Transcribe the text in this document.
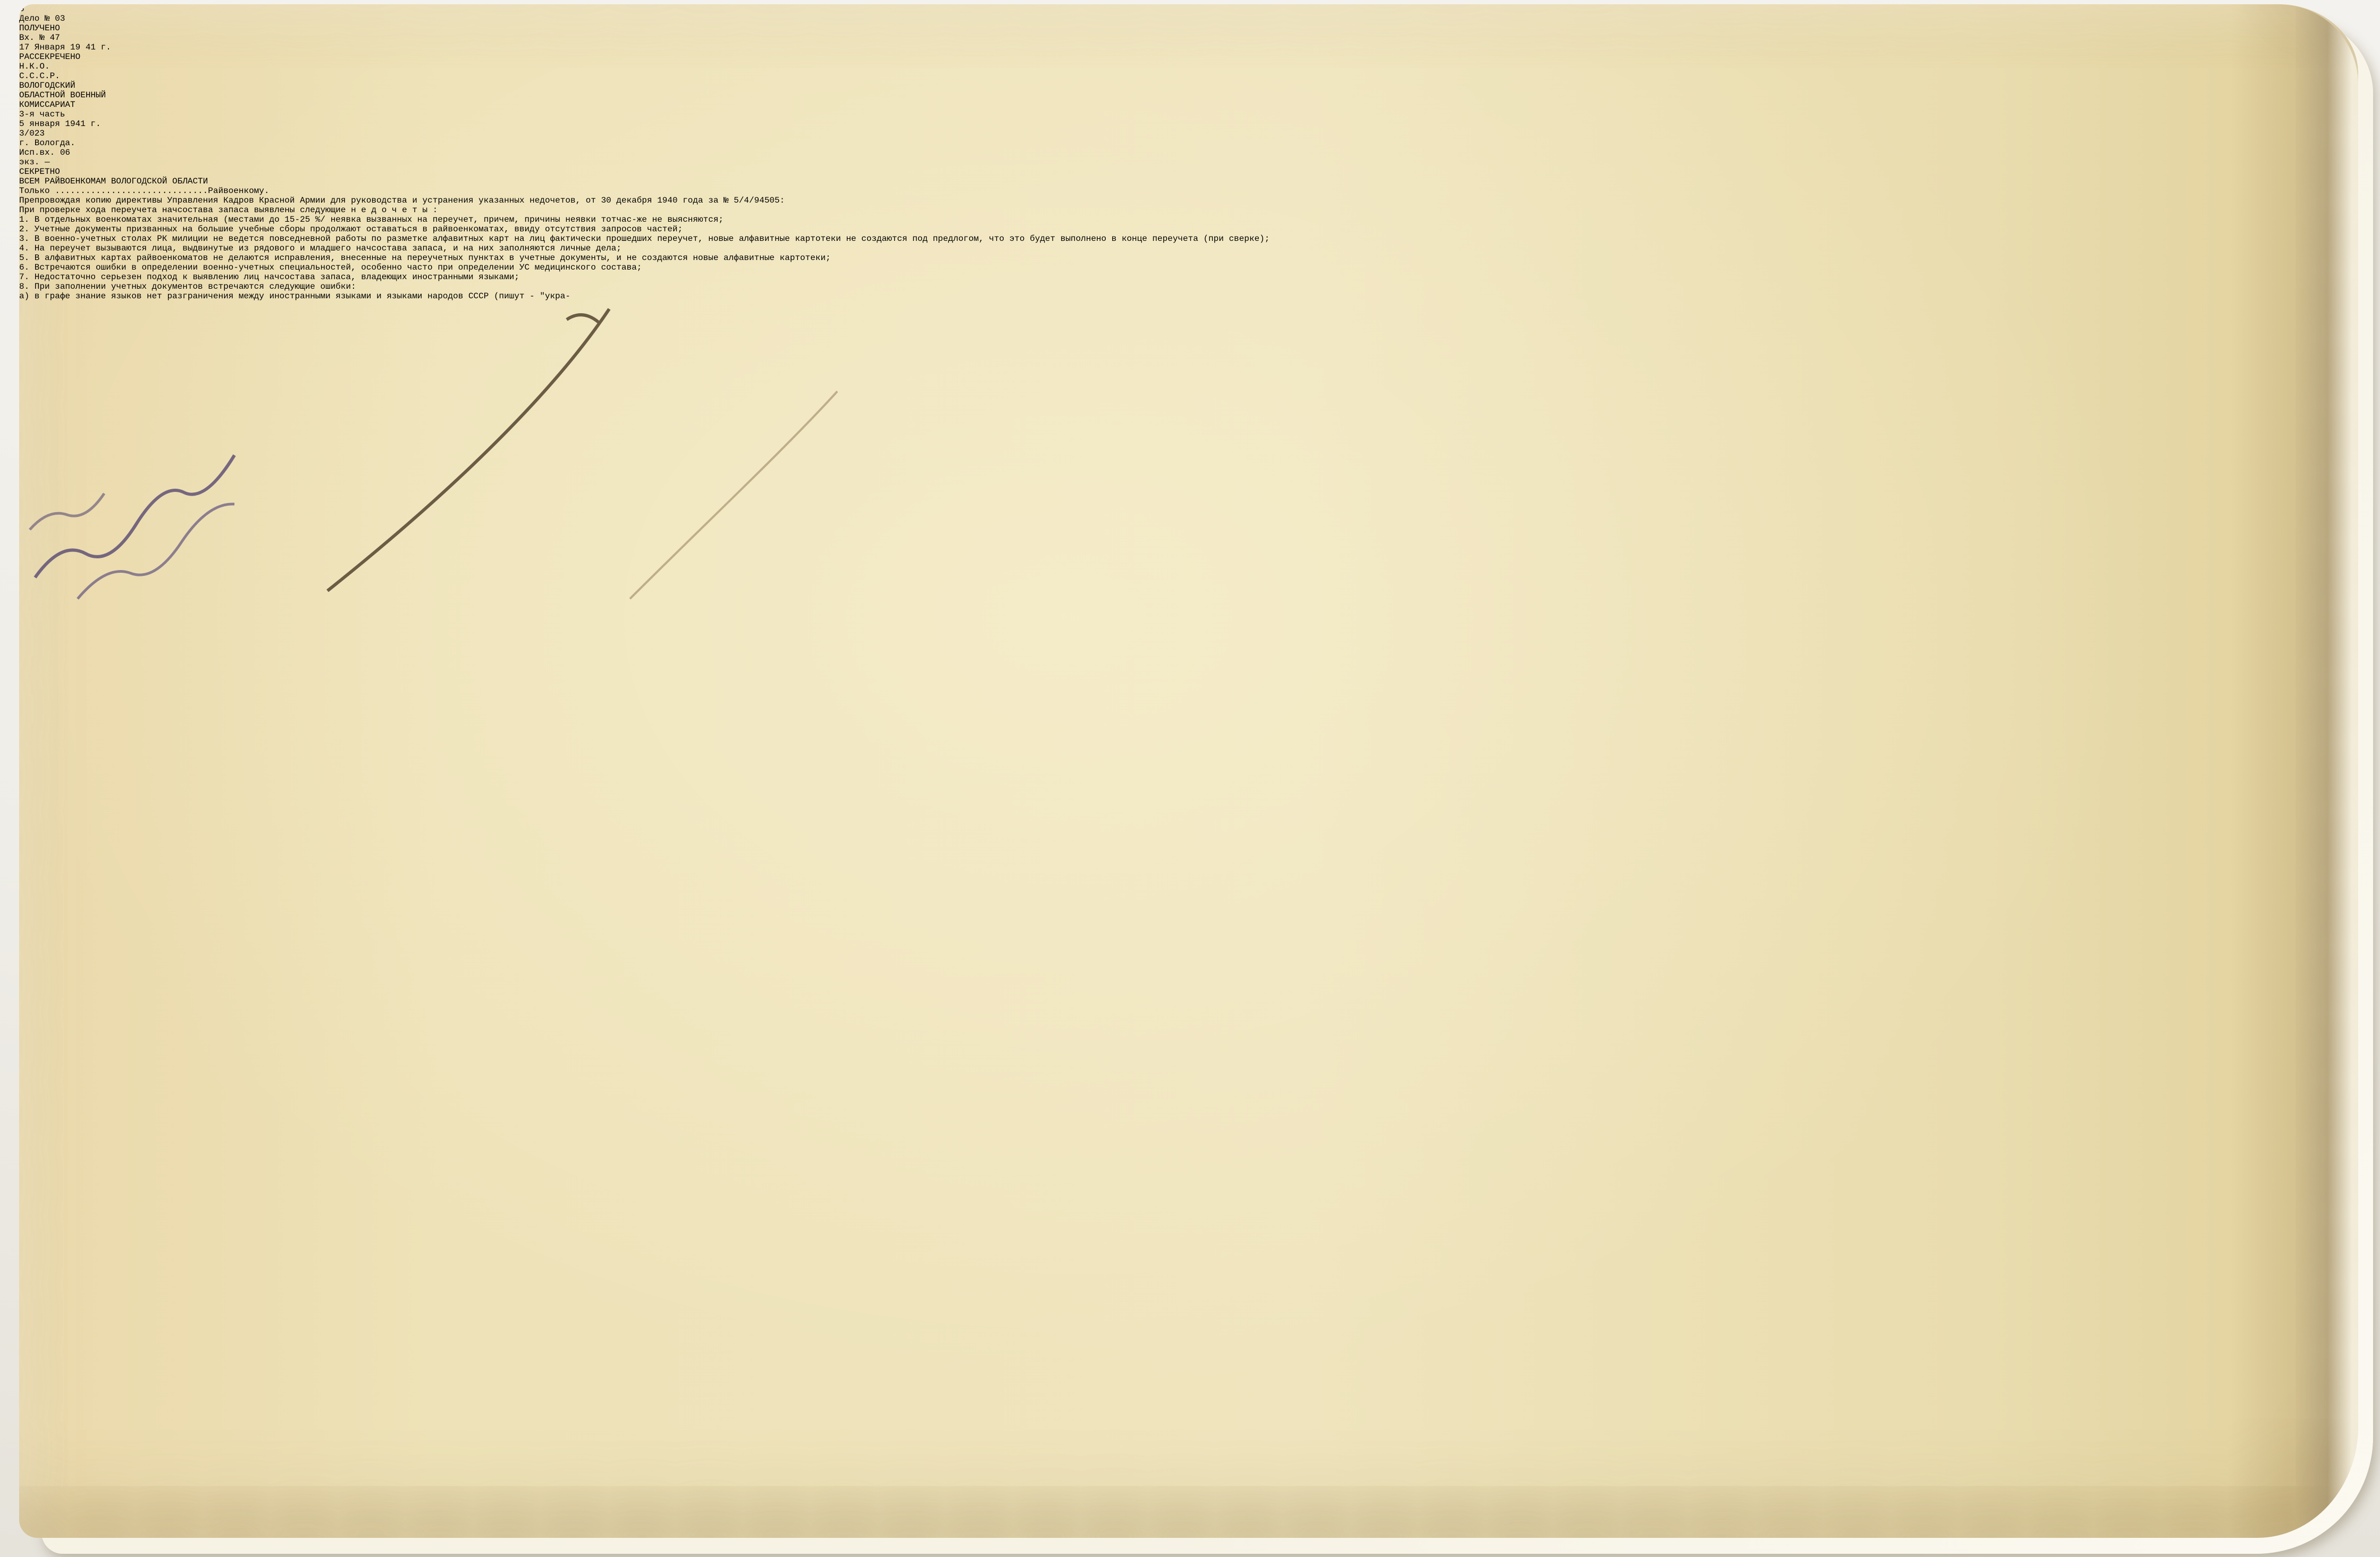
6
Дело № 03
ПОЛУЧЕНО
Вх. № 47
17 Января 19 41 г.
РАССЕКРЕЧЕНО
Н.К.О.
С.С.С.Р.
ВОЛОГОДСКИЙ
ОБЛАСТНОЙ ВОЕННЫЙ
КОМИССАРИАТ
3-я часть
5 января 1941 г.
3/023
г. Вологда.
Исп.вх. 06
экз. —
СЕКРЕТНО
ВСЕМ РАЙВОЕНКОМАМ ВОЛОГОДСКОЙ ОБЛАСТИ
Только ..............................Райвоенкому.

Препровождая копию директивы Управления Кадров Красной Армии для руководства и устранения указанных недочетов, от 30 декабря 1940 года за № 5/4/94505:

При проверке хода переучета начсостава запаса выявлены следующие н е д о ч е т ы :

1. В отдельных военкоматах значительная (местами до 15-25 %/ неявка вызванных на переучет, причем, причины неявки тотчас-же не выясняются;

2. Учетные документы призванных на большие учебные сборы продолжают оставаться в райвоенкоматах, ввиду отсутствия запросов частей;

3. В военно-учетных столах РК милиции не ведется повседневной работы по разметке алфавитных карт на лиц фактически прошедших переучет, новые алфавитные картотеки не создаются под предлогом, что это будет выполнено в конце переучета (при сверке);

4. На переучет вызываются лица, выдвинутые из рядового и младшего начсостава запаса, и на них заполняются личные дела;

5. В алфавитных картах райвоенкоматов не делаются исправления, внесенные на переучетных пунктах в учетные документы, и не создаются новые алфавитные картотеки;

6. Встречаются ошибки в определении военно-учетных специальностей, особенно часто при определении УС медицинского состава;

7. Недостаточно серьезен подход к выявлению лиц начсостава запаса, владеющих иностранными языками;

8. При заполнении учетных документов встречаются следующие ошибки:

а) в графе знание языков нет разграничения между иностранными языками и языками народов СССР (пишут - "укра-
